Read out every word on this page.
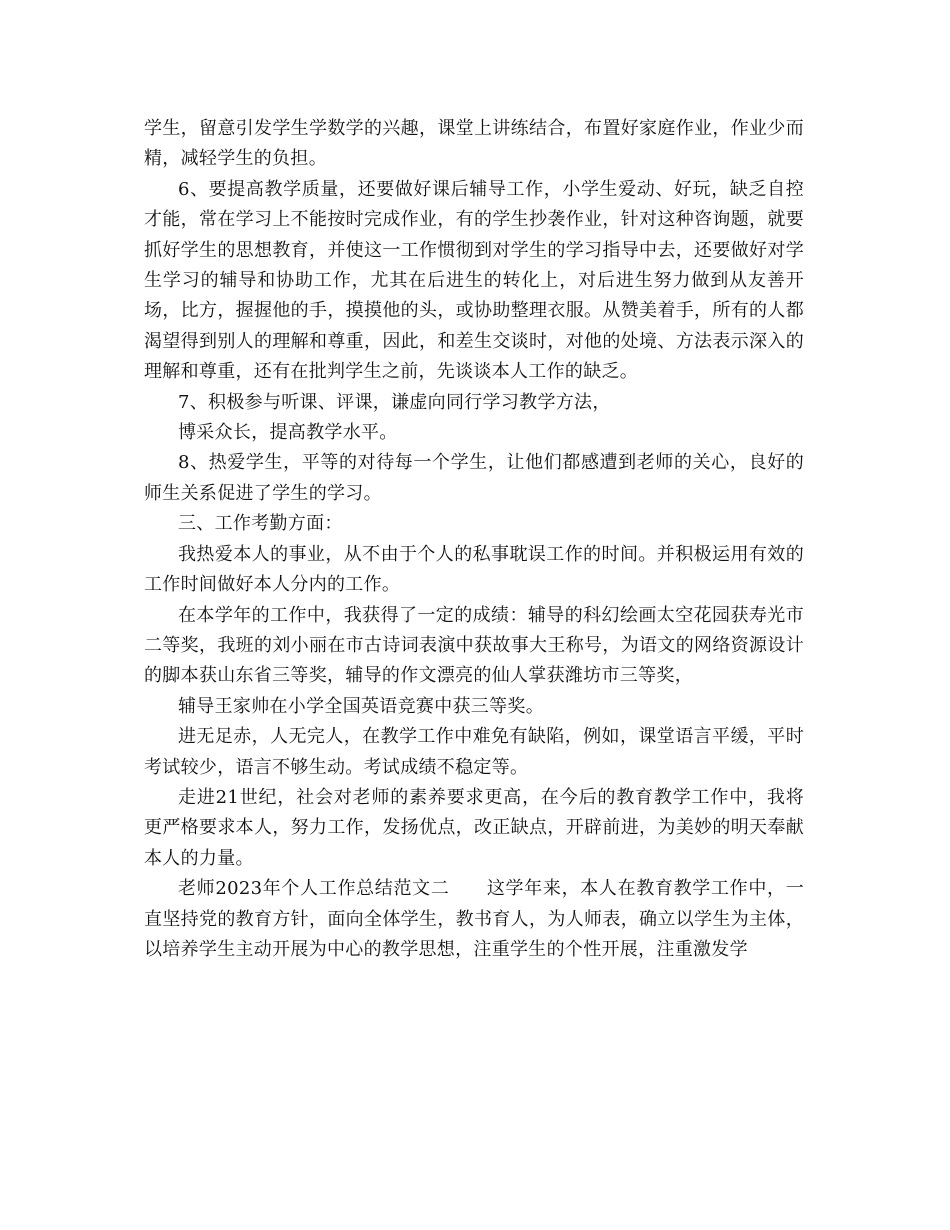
学生，留意引发学生学数学的兴趣，课堂上讲练结合，布置好家庭作业，作业少而精，减轻学生的负担。

6、要提高教学质量，还要做好课后辅导工作，小学生爱动、好玩，缺乏自控才能，常在学习上不能按时完成作业，有的学生抄袭作业，针对这种咨询题，就要抓好学生的思想教育，并使这一工作惯彻到对学生的学习指导中去，还要做好对学生学习的辅导和协助工作，尤其在后进生的转化上，对后进生努力做到从友善开场，比方，握握他的手，摸摸他的头，或协助整理衣服。从赞美着手，所有的人都渴望得到别人的理解和尊重，因此，和差生交谈时，对他的处境、方法表示深入的理解和尊重，还有在批判学生之前，先谈谈本人工作的缺乏。

7、积极参与听课、评课，谦虚向同行学习教学方法，

博采众长，提高教学水平。

8、热爱学生，平等的对待每一个学生，让他们都感遭到老师的关心，良好的师生关系促进了学生的学习。

三、工作考勤方面：

我热爱本人的事业，从不由于个人的私事耽误工作的时间。并积极运用有效的工作时间做好本人分内的工作。

在本学年的工作中，我获得了一定的成绩：辅导的科幻绘画太空花园获寿光市二等奖，我班的刘小丽在市古诗词表演中获故事大王称号，为语文的网络资源设计的脚本获山东省三等奖，辅导的作文漂亮的仙人掌获潍坊市三等奖，

辅导王家帅在小学全国英语竞赛中获三等奖。

进无足赤，人无完人，在教学工作中难免有缺陷，例如，课堂语言平缓，平时考试较少，语言不够生动。考试成绩不稳定等。

走进21世纪，社会对老师的素养要求更高，在今后的教育教学工作中，我将更严格要求本人，努力工作，发扬优点，改正缺点，开辟前进，为美妙的明天奉献本人的力量。

老师2023年个人工作总结范文二　　这学年来，本人在教育教学工作中，一直坚持党的教育方针，面向全体学生，教书育人，为人师表，确立以学生为主体，以培养学生主动开展为中心的教学思想，注重学生的个性开展，注重激发学
